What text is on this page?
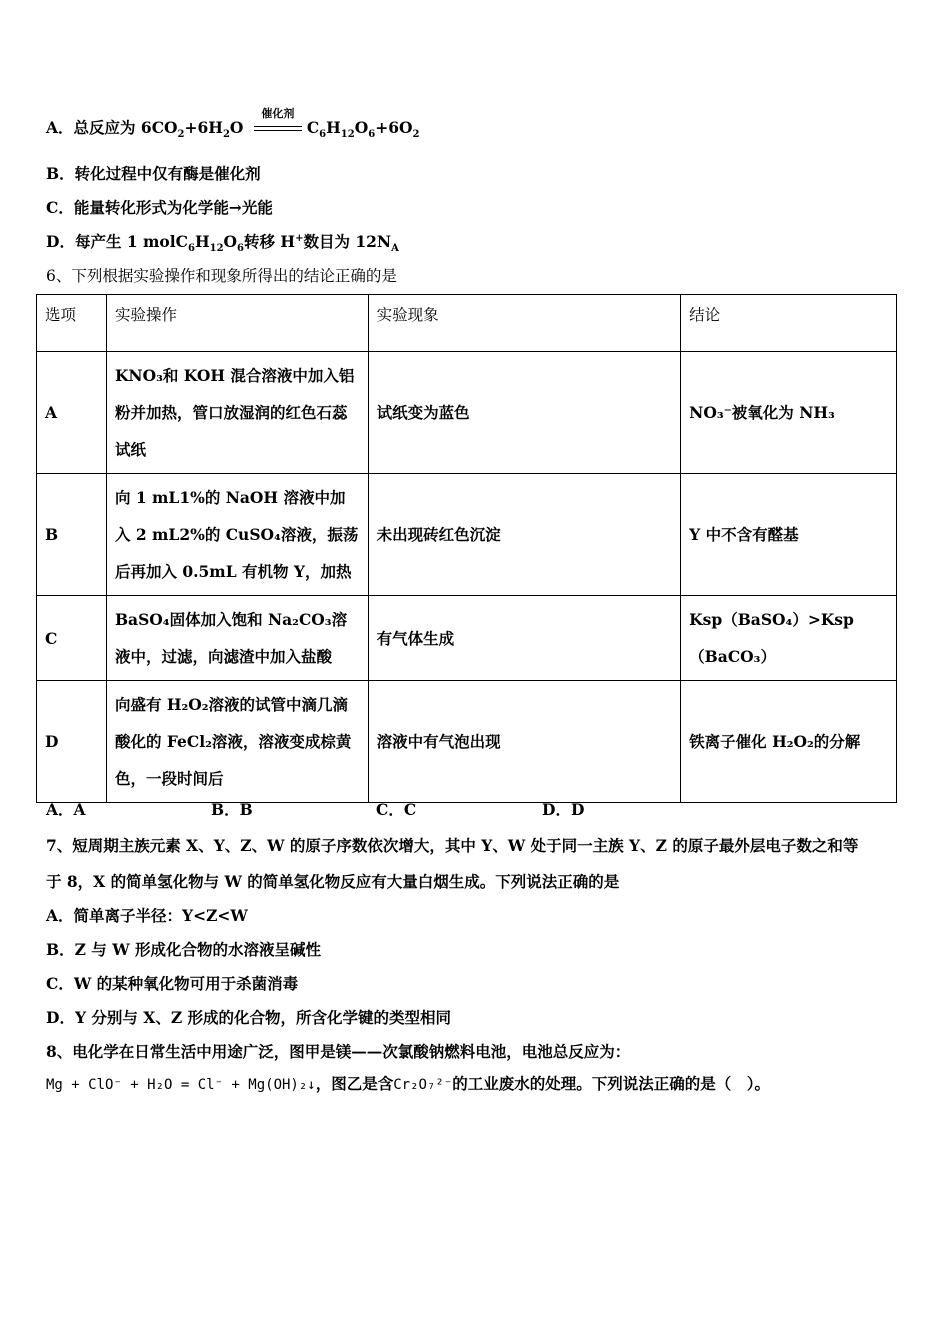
A．总反应为 $6CO_2+6H_2O$
催化剂
$C_6H_{12}O_6+6O_2$
B．转化过程中仅有酶是催化剂
C．能量转化形式为化学能→光能
D．每产生 1 $molC_6H_{12}O_6$转移 H+数目为 $12N_A$
6、下列根据实验操作和现象所得出的结论正确的是
选项	实验操作	实验现象	结论
A	KNO₃和 KOH 混合溶液中加入铝粉并加热，管口放湿润的红色石蕊试纸	试纸变为蓝色	NO₃⁻被氧化为 NH₃
B	向 1 mL1%的 NaOH 溶液中加入 2 mL2%的 CuSO₄溶液，振荡后再加入 0.5mL 有机物 Y，加热	未出现砖红色沉淀	Y 中不含有醛基
C	BaSO₄固体加入饱和 Na₂CO₃溶液中，过滤，向滤渣中加入盐酸	有气体生成	Ksp（BaSO₄）>Ksp（BaCO₃）
D	向盛有 H₂O₂溶液的试管中滴几滴酸化的 FeCl₂溶液，溶液变成棕黄色，一段时间后	溶液中有气泡出现	铁离子催化 H₂O₂的分解
A．A	B．B	C．C	D．D
7、短周期主族元素 X、Y、Z、W 的原子序数依次增大，其中 Y、W 处于同一主族 Y、Z 的原子最外层电子数之和等
于 8，X 的简单氢化物与 W 的简单氢化物反应有大量白烟生成。下列说法正确的是
A．简单离子半径：Y<Z<W
B．Z 与 W 形成化合物的水溶液呈碱性
C．W 的某种氧化物可用于杀菌消毒
D．Y 分别与 X、Z 形成的化合物，所含化学键的类型相同
8、电化学在日常生活中用途广泛，图甲是镁——次氯酸钠燃料电池，电池总反应为：
Mg + ClO⁻ + H₂O = Cl⁻ + Mg(OH)₂↓，图乙是含Cr₂O₇²⁻的工业废水的处理。下列说法正确的是（　）。
